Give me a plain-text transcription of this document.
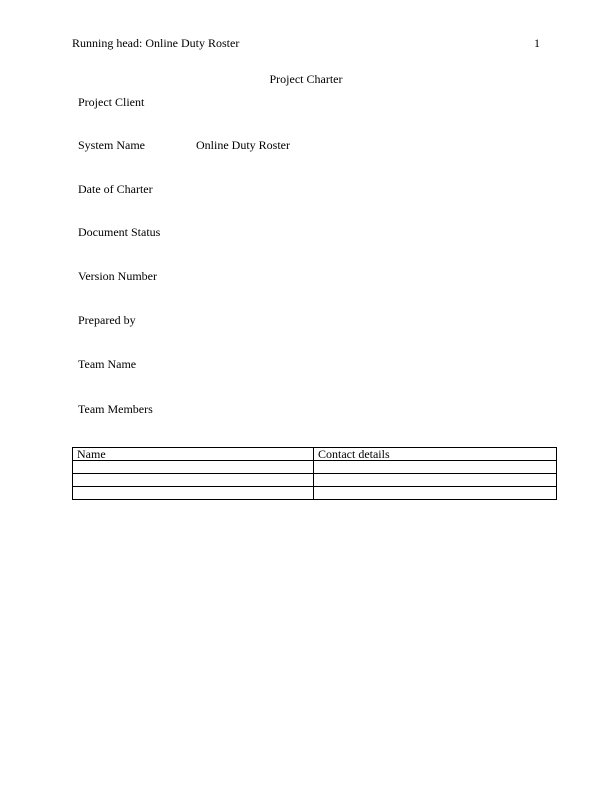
Running head: Online Duty Roster	1
Project Charter
Project Client
System Name	Online Duty Roster
Date of Charter
Document Status
Version Number
Prepared by
Team Name
Team Members
Name	Contact details
